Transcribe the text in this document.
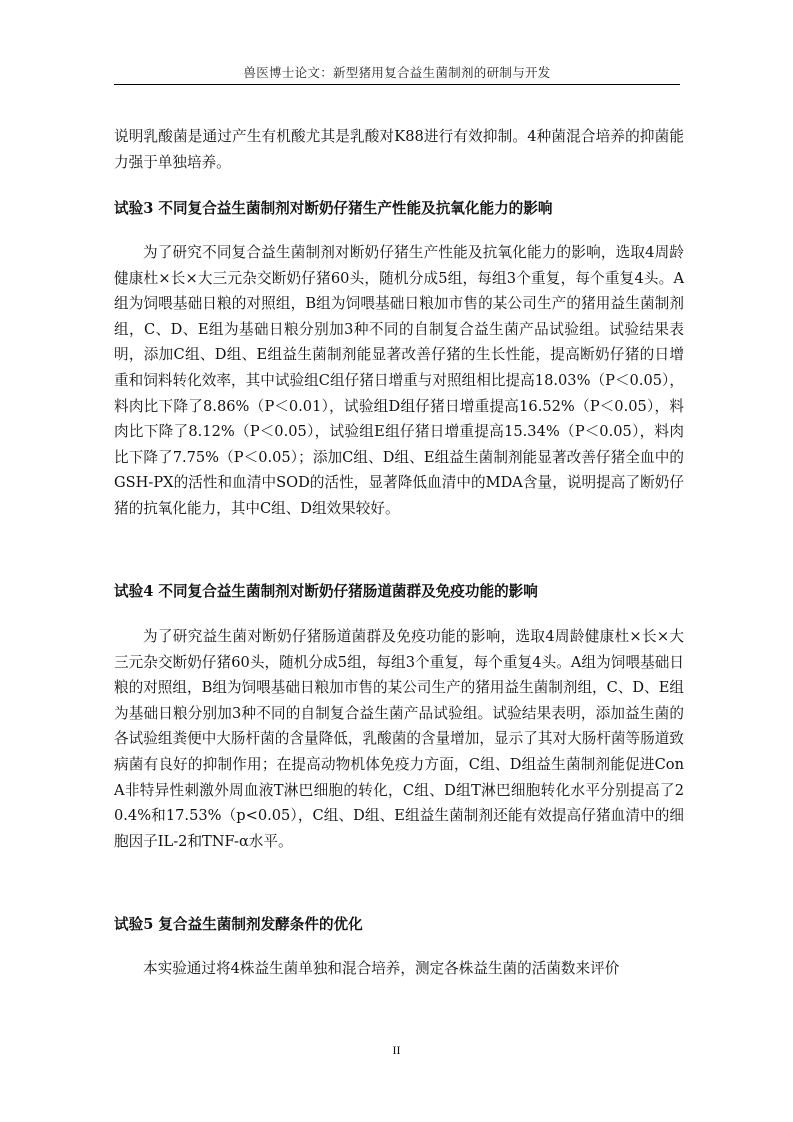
兽医博士论文：新型猪用复合益生菌制剂的研制与开发

说明乳酸菌是通过产生有机酸尤其是乳酸对K88进行有效抑制。4种菌混合培养的抑菌能力强于单独培养。

试验3 不同复合益生菌制剂对断奶仔猪生产性能及抗氧化能力的影响

为了研究不同复合益生菌制剂对断奶仔猪生产性能及抗氧化能力的影响，选取4周龄健康杜×长×大三元杂交断奶仔猪60头，随机分成5组，每组3个重复，每个重复4头。A组为饲喂基础日粮的对照组，B组为饲喂基础日粮加市售的某公司生产的猪用益生菌制剂组，C、D、E组为基础日粮分别加3种不同的自制复合益生菌产品试验组。试验结果表明，添加C组、D组、E组益生菌制剂能显著改善仔猪的生长性能，提高断奶仔猪的日增重和饲料转化效率，其中试验组C组仔猪日增重与对照组相比提高18.03%（P＜0.05），料肉比下降了8.86%（P＜0.01），试验组D组仔猪日增重提高16.52%（P＜0.05），料肉比下降了8.12%（P＜0.05），试验组E组仔猪日增重提高15.34%（P＜0.05），料肉比下降了7.75%（P＜0.05）；添加C组、D组、E组益生菌制剂能显著改善仔猪全血中的GSH-PX的活性和血清中SOD的活性，显著降低血清中的MDA含量，说明提高了断奶仔猪的抗氧化能力，其中C组、D组效果较好。

试验4 不同复合益生菌制剂对断奶仔猪肠道菌群及免疫功能的影响

为了研究益生菌对断奶仔猪肠道菌群及免疫功能的影响，选取4周龄健康杜×长×大三元杂交断奶仔猪60头，随机分成5组，每组3个重复，每个重复4头。A组为饲喂基础日粮的对照组，B组为饲喂基础日粮加市售的某公司生产的猪用益生菌制剂组，C、D、E组为基础日粮分别加3种不同的自制复合益生菌产品试验组。试验结果表明，添加益生菌的各试验组粪便中大肠杆菌的含量降低，乳酸菌的含量增加，显示了其对大肠杆菌等肠道致病菌有良好的抑制作用；在提高动物机体免疫力方面，C组、D组益生菌制剂能促进ConA非特异性刺激外周血液T淋巴细胞的转化，C组、D组T淋巴细胞转化水平分别提高了20.4%和17.53%（p<0.05），C组、D组、E组益生菌制剂还能有效提高仔猪血清中的细胞因子IL-2和TNF-α水平。

试验5 复合益生菌制剂发酵条件的优化

本实验通过将4株益生菌单独和混合培养，测定各株益生菌的活菌数来评价

II
